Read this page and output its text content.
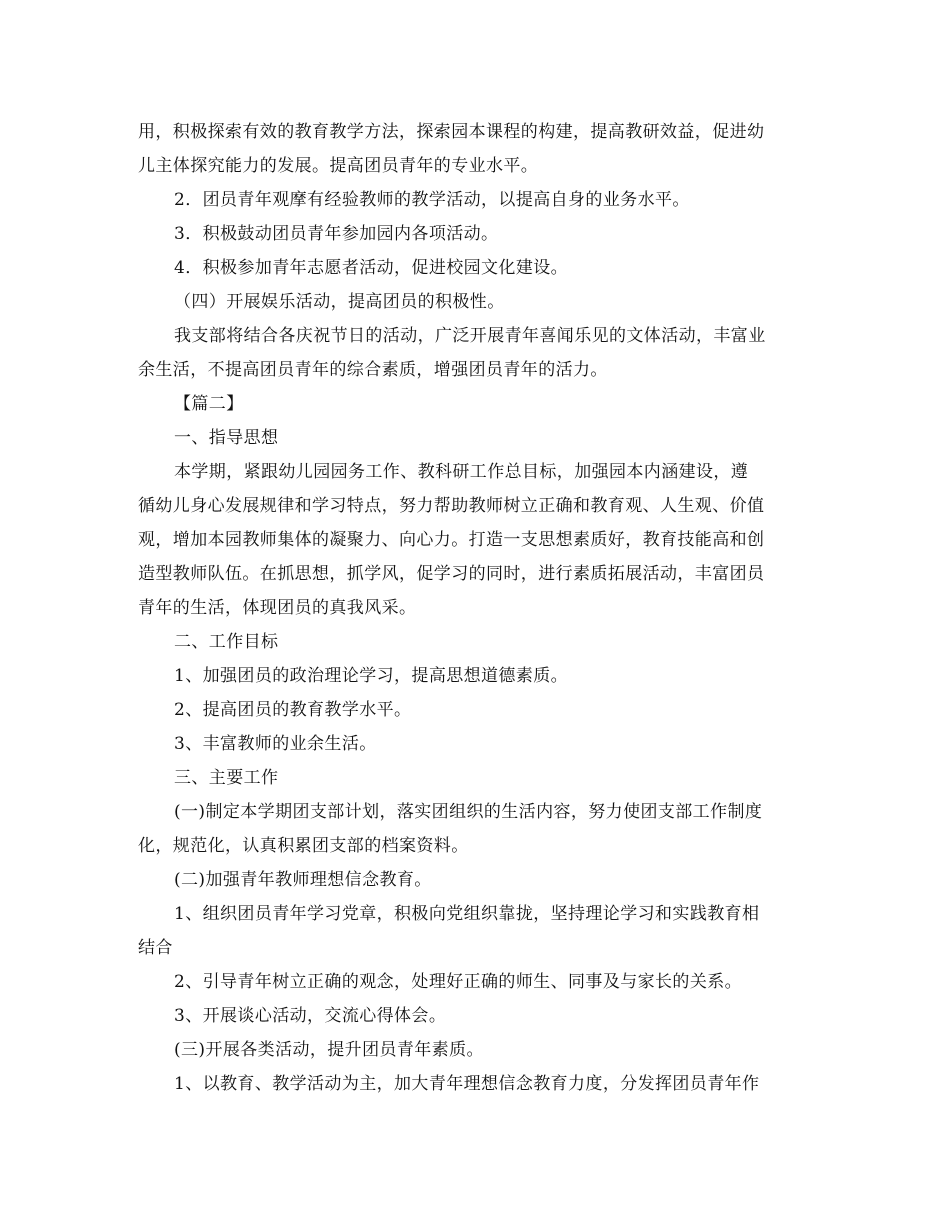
用，积极探索有效的教育教学方法，探索园本课程的构建，提高教研效益，促进幼

儿主体探究能力的发展。提高团员青年的专业水平。

2．团员青年观摩有经验教师的教学活动，以提高自身的业务水平。

3．积极鼓动团员青年参加园内各项活动。

4．积极参加青年志愿者活动，促进校园文化建设。

（四）开展娱乐活动，提高团员的积极性。

我支部将结合各庆祝节日的活动，广泛开展青年喜闻乐见的文体活动，丰富业

余生活，不提高团员青年的综合素质，增强团员青年的活力。

【篇二】

一、指导思想

本学期，紧跟幼儿园园务工作、教科研工作总目标，加强园本内涵建设，遵

循幼儿身心发展规律和学习特点，努力帮助教师树立正确和教育观、人生观、价值

观，增加本园教师集体的凝聚力、向心力。打造一支思想素质好，教育技能高和创

造型教师队伍。在抓思想，抓学风，促学习的同时，进行素质拓展活动，丰富团员

青年的生活，体现团员的真我风采。

二、工作目标

1、加强团员的政治理论学习，提高思想道德素质。

2、提高团员的教育教学水平。

3、丰富教师的业余生活。

三、主要工作

(一)制定本学期团支部计划，落实团组织的生活内容，努力使团支部工作制度

化，规范化，认真积累团支部的档案资料。

(二)加强青年教师理想信念教育。

1、组织团员青年学习党章，积极向党组织靠拢，坚持理论学习和实践教育相

结合

2、引导青年树立正确的观念，处理好正确的师生、同事及与家长的关系。

3、开展谈心活动，交流心得体会。

(三)开展各类活动，提升团员青年素质。

1、以教育、教学活动为主，加大青年理想信念教育力度，分发挥团员青年作
